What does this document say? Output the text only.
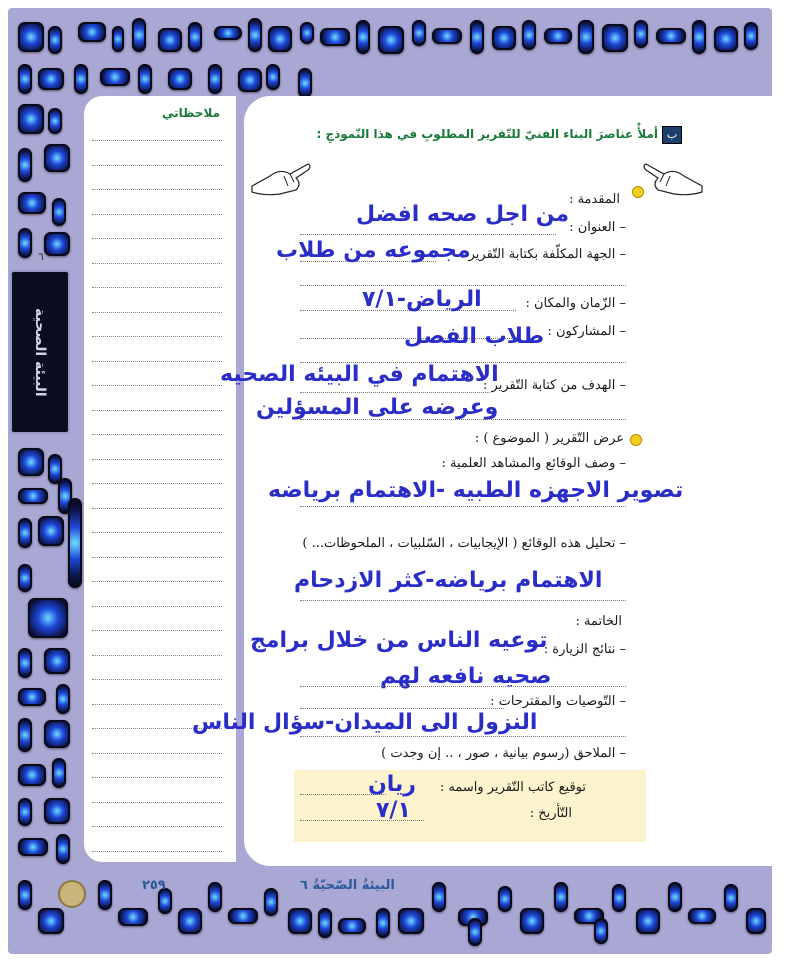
البيئة الصحية
٦
ملاحظاتي
ب
أملأْ عناصرَ البناء الفنيّ للتّقرير المطلوبِ في هذا النّموذجِ :
المقدمة :
– العنوان :
من اجل صحه افضل
– الجهة المكلّفة بكتابة التّقرير :
مجموعه من طلاب
– الزّمان والمكان :
الرياض-٧/١
– المشاركون :
طلاب الفصل
– الهدف من كتابة التّقرير :
الاهتمام في البيئه الصحيه
وعرضه على المسؤلين
عرض التّقرير ( الموضوع ) :
– وصف الوقائع والمشاهد العلمية :
تصوير الاجهزه الطبيه -الاهتمام برياضه
– تحليل هذه الوقائع ( الإيجابيات ، السّلبيات ، الملحوظات... )
الاهتمام برياضه-كثر الازدحام
الخاتمة :
– نتائج الزيارة :
توعيه الناس من خلال برامج
صحيه نافعه لهم
– التّوصيات والمقترحات :
النزول الى الميدان-سؤال الناس
– الملاحق (رسوم بيانية ، صور ، .. إن وجدت )
توقيع كاتب التّقرير واسمه :
ريان
التّأريخ :
٧/١
البيئةُ الصّحيّةُ ٦
٢٥٩
